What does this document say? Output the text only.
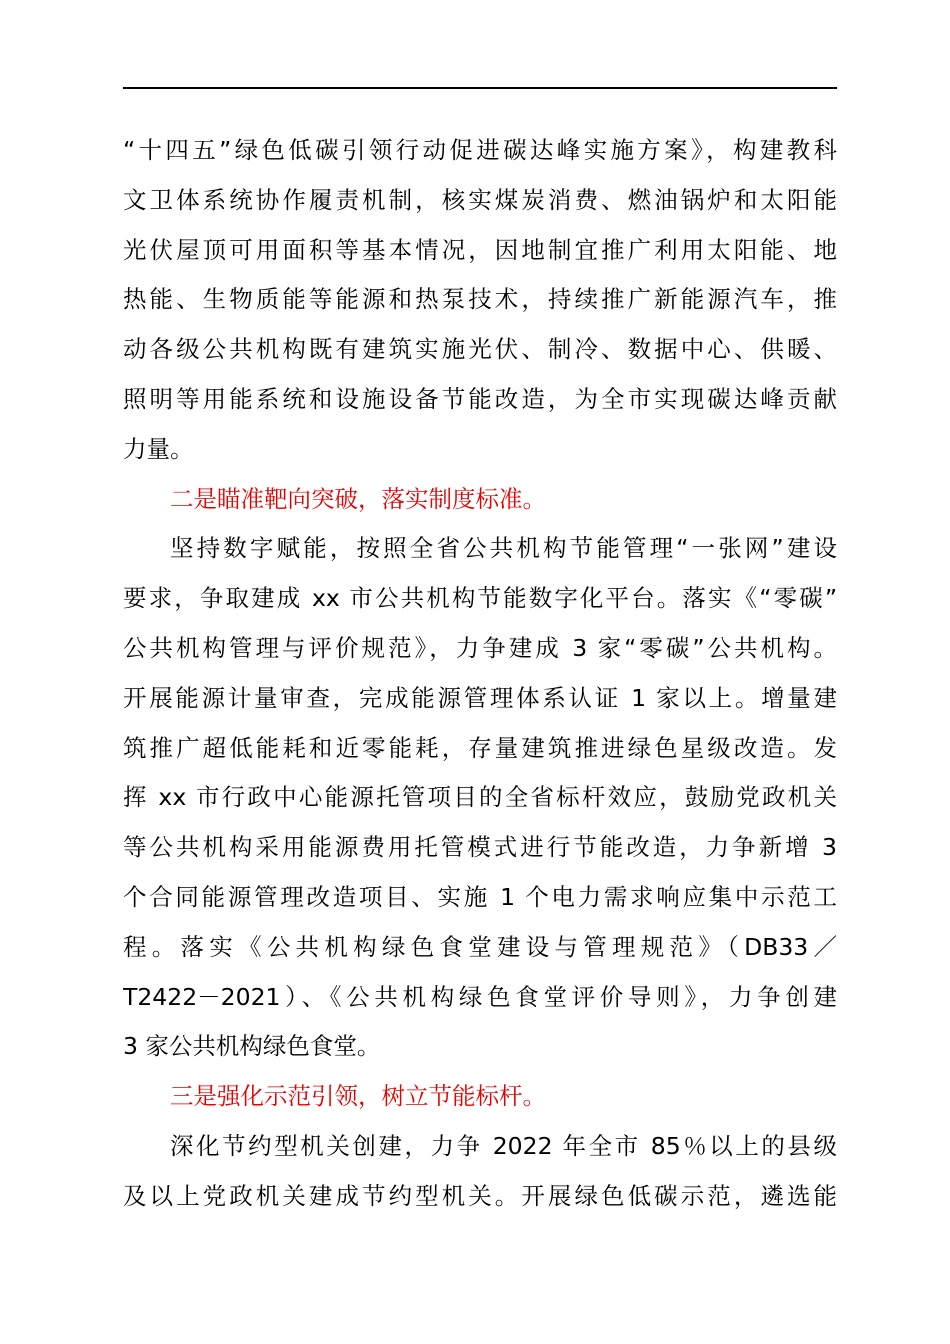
“十四五”绿色低碳引领行动促进碳达峰实施方案》，构建教科
文卫体系统协作履责机制，核实煤炭消费、燃油锅炉和太阳能
光伏屋顶可用面积等基本情况，因地制宜推广利用太阳能、地
热能、生物质能等能源和热泵技术，持续推广新能源汽车，推
动各级公共机构既有建筑实施光伏、制冷、数据中心、供暖、
照明等用能系统和设施设备节能改造，为全市实现碳达峰贡献
力量。
二是瞄准靶向突破，落实制度标准。
坚持数字赋能，按照全省公共机构节能管理“一张网”建设
要求，争取建成 xx 市公共机构节能数字化平台。落实《“零碳”
公共机构管理与评价规范》，力争建成 3 家“零碳”公共机构。
开展能源计量审查，完成能源管理体系认证 1 家以上。增量建
筑推广超低能耗和近零能耗，存量建筑推进绿色星级改造。发
挥 xx 市行政中心能源托管项目的全省标杆效应，鼓励党政机关
等公共机构采用能源费用托管模式进行节能改造，力争新增 3
个合同能源管理改造项目、实施 1 个电力需求响应集中示范工
程。落实《公共机构绿色食堂建设与管理规范》（DB33／
T2422－2021）、《公共机构绿色食堂评价导则》，力争创建
3 家公共机构绿色食堂。
三是强化示范引领，树立节能标杆。
深化节约型机关创建，力争 2022 年全市 85％以上的县级
及以上党政机关建成节约型机关。开展绿色低碳示范，遴选能
